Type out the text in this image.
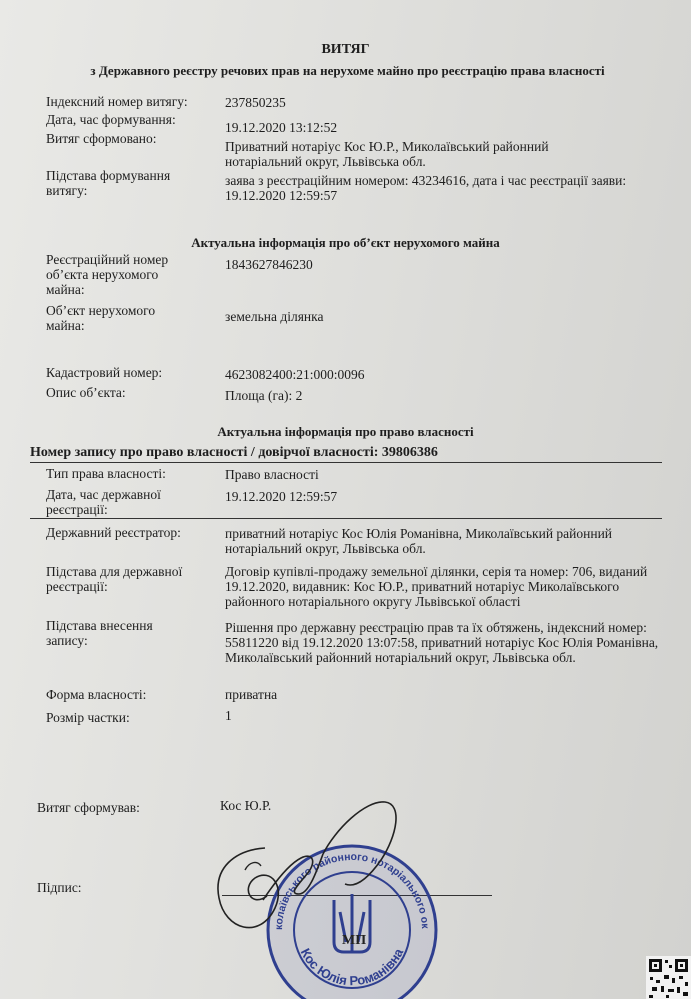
ВИТЯГ
з Державного реєстру речових прав на нерухоме майно про реєстрацію права власності
Індексний номер витягу:	237850235
Дата, час формування:
19.12.2020 13:12:52
Витяг сформовано:
Приватний нотаріус Кос Ю.Р., Миколаївський районний нотаріальний округ, Львівська обл.
Підстава формування витягу:
заява з реєстраційним номером: 43234616, дата і час реєстрації заяви: 19.12.2020 12:59:57
Актуальна інформація про об’єкт нерухомого майна
Реєстраційний номер об’єкта нерухомого майна:
1843627846230
Об’єкт нерухомого майна:
земельна ділянка
Кадастровий номер:	4623082400:21:000:0096
Опис об’єкта:	Площа (га): 2
Актуальна інформація про право власності
Номер запису про право власності / довірчої власності: 39806386
Тип права власності:	Право власності
Дата, час державної реєстрації:
19.12.2020 12:59:57
Державний реєстратор:	приватний нотаріус Кос Юлія Романівна, Миколаївський районний нотаріальний округ, Львівська обл.
Підстава для державної реєстрації:
Договір купівлі-продажу земельної ділянки, серія та номер: 706, виданий 19.12.2020, видавник: Кос Ю.Р., приватний нотаріус Миколаївського районного нотаріального округу Львівської області
Підстава внесення запису:
Рішення про державну реєстрацію прав та їх обтяжень, індексний номер: 55811220 від 19.12.2020 13:07:58, приватний нотаріус Кос Юлія Романівна, Миколаївський районний нотаріальний округ, Львівська обл.
Форма власності:	приватна
Розмір частки:	1
Витяг сформував:	Кос Ю.Р.
Підпис:
колаївського районного нотаріального ок
Кос Юлія Романівна
МП
